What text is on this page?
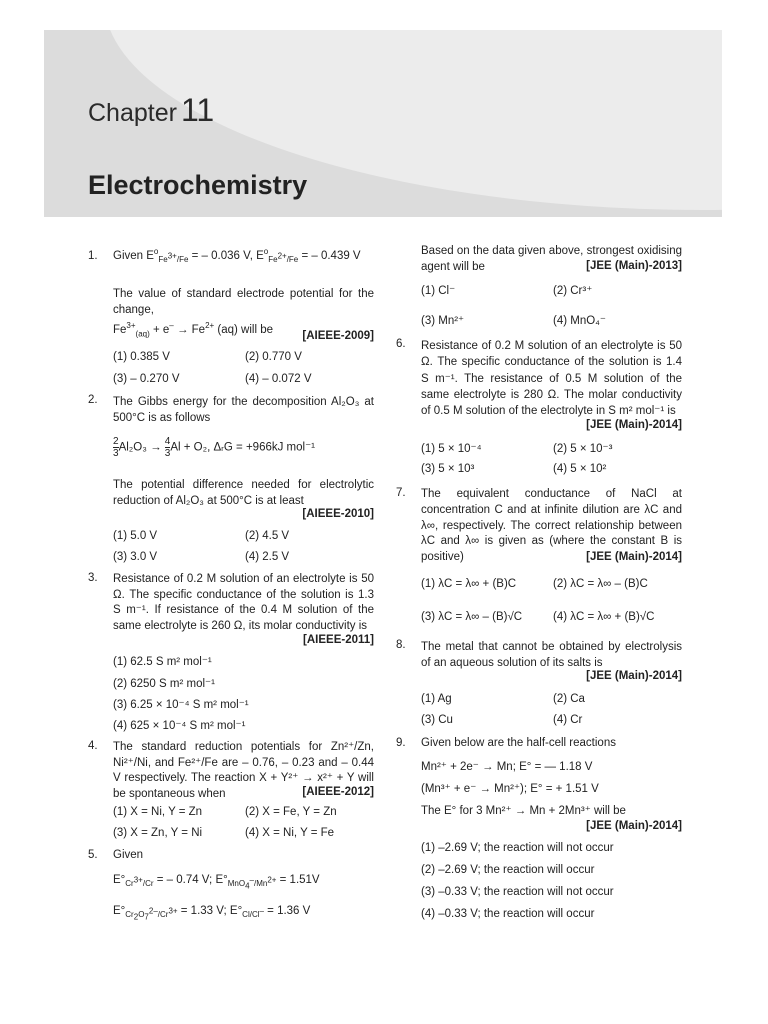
Chapter 11
Electrochemistry
1. Given $E^o_{Fe^{3+}/Fe}$ = – 0.036 V, $E^o_{Fe^{2+}/Fe}$ = – 0.439 V
The value of standard electrode potential for the change,
$Fe^{3+}_{(aq)} + e^- \to Fe^{2+}$ (aq) will be	[AIEEE-2009]
(1) 0.385 V	(2) 0.770 V
(3) – 0.270 V	(4) – 0.072 V
2. The Gibbs energy for the decomposition Al₂O₃ at 500°C is as follows
$\frac{2}{3} Al_2O_3 \to \frac{4}{3}$ Al + O₂, ΔᵣG = +966kJ mol⁻¹
The potential difference needed for electrolytic reduction of Al₂O₃ at 500°C is at least
[AIEEE-2010]
(1) 5.0 V	(2) 4.5 V
(3) 3.0 V	(4) 2.5 V
3. Resistance of 0.2 M solution of an electrolyte is 50 Ω. The specific conductance of the solution is 1.3 S m⁻¹. If resistance of the 0.4 M solution of the same electrolyte is 260 Ω, its molar conductivity is
[AIEEE-2011]
(1) 62.5 S m² mol⁻¹
(2) 6250 S m² mol⁻¹
(3) 6.25 × 10⁻⁴ S m² mol⁻¹
(4) 625 × 10⁻⁴ S m² mol⁻¹
4. The standard reduction potentials for Zn²⁺/Zn, Ni²⁺/Ni, and Fe²⁺/Fe are – 0.76, – 0.23 and – 0.44 V respectively. The reaction X + Y²⁺ → x²⁺ + Y will be spontaneous when	[AIEEE-2012]
(1) X = Ni, Y = Zn	(2) X = Fe, Y = Zn
(3) X = Zn, Y = Ni	(4) X = Ni, Y = Fe
5. Given
$E^\circ_{Cr^{3+}/Cr}$ = – 0.74 V; $E^\circ_{MnO_4^-/Mn^{2+}} = 1.51V$
$E^\circ_{Cr_2O_7^{2-}/Cr^{3+}} = 1.33$ V; $E^\circ_{Cl/Cl^-} = 1.36$ V
Based on the data given above, strongest oxidising agent will be	[JEE (Main)-2013]
(1) Cl⁻	(2) Cr³⁺
(3) Mn²⁺	(4) MnO₄⁻
6. Resistance of 0.2 M solution of an electrolyte is 50 Ω. The specific conductance of the solution is 1.4 S m⁻¹. The resistance of 0.5 M solution of the same electrolyte is 280 Ω. The molar conductivity of 0.5 M solution of the electrolyte in S m² mol⁻¹ is
[JEE (Main)-2014]
(1) 5 × 10⁻⁴	(2) 5 × 10⁻³
(3) 5 × 10³	(4) 5 × 10²
7. The equivalent conductance of NaCl at concentration C and at infinite dilution are λC and λ∞, respectively. The correct relationship between λC and λ∞ is given as (where the constant B is positive)	[JEE (Main)-2014]
(1) λC = λ∞ + (B)C	(2) λC = λ∞ – (B)C
(3) λC = λ∞ – (B)√C	(4) λC = λ∞ + (B)√C
8. The metal that cannot be obtained by electrolysis of an aqueous solution of its salts is
[JEE (Main)-2014]
(1) Ag	(2) Ca
(3) Cu	(4) Cr
9. Given below are the half-cell reactions
Mn²⁺ + 2e⁻ → Mn; E° = — 1.18 V
(Mn³⁺ + e⁻ → Mn²⁺); E° = + 1.51 V
The E° for 3 Mn²⁺ → Mn + 2Mn³⁺ will be
[JEE (Main)-2014]
(1) –2.69 V; the reaction will not occur
(2) –2.69 V; the reaction will occur
(3) –0.33 V; the reaction will not occur
(4) –0.33 V; the reaction will occur
